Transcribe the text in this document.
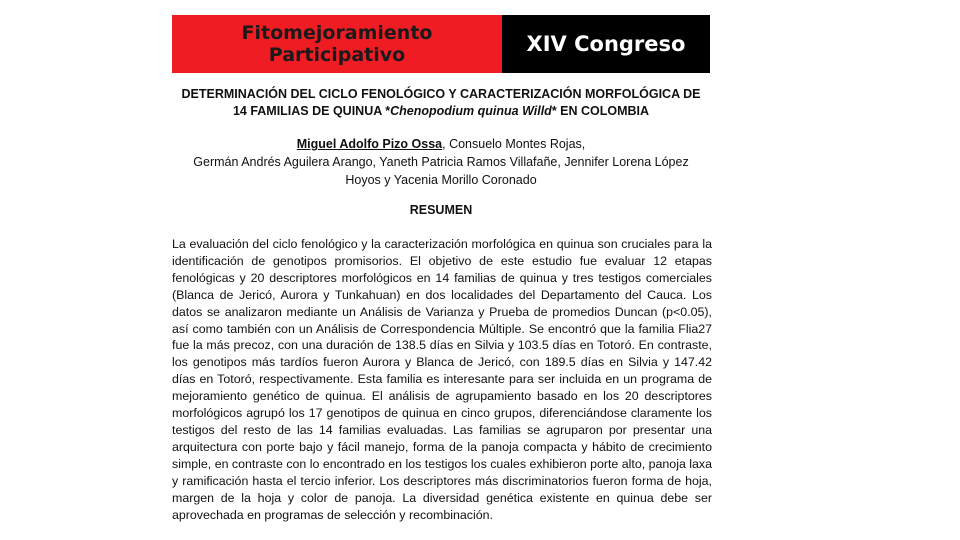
Fitomejoramiento
Participativo	XIV Congreso
DETERMINACIÓN DEL CICLO FENOLÓGICO Y CARACTERIZACIÓN MORFOLÓGICA DE
14 FAMILIAS DE QUINUA *Chenopodium quinua Willd* EN COLOMBIA
Miguel Adolfo Pizo Ossa, Consuelo Montes Rojas,
Germán Andrés Aguilera Arango, Yaneth Patricia Ramos Villafañe, Jennifer Lorena López
Hoyos y Yacenia Morillo Coronado
RESUMEN
La evaluación del ciclo fenológico y la caracterización morfológica en quinua son cruciales para la identificación de genotipos promisorios. El objetivo de este estudio fue evaluar 12 etapas fenológicas y 20 descriptores morfológicos en 14 familias de quinua y tres testigos comerciales (Blanca de Jericó, Aurora y Tunkahuan) en dos localidades del Departamento del Cauca. Los datos se analizaron mediante un Análisis de Varianza y Prueba de promedios Duncan (p<0.05), así como también con un Análisis de Correspondencia Múltiple. Se encontró que la familia Flia27 fue la más precoz, con una duración de 138.5 días en Silvia y 103.5 días en Totoró. En contraste, los genotipos más tardíos fueron Aurora y Blanca de Jericó, con 189.5 días en Silvia y 147.42 días en Totoró, respectivamente. Esta familia es interesante para ser incluida en un programa de mejoramiento genético de quinua. El análisis de agrupamiento basado en los 20 descriptores morfológicos agrupó los 17 genotipos de quinua en cinco grupos, diferenciándose claramente los testigos del resto de las 14 familias evaluadas. Las familias se agruparon por presentar una arquitectura con porte bajo y fácil manejo, forma de la panoja compacta y hábito de crecimiento simple, en contraste con lo encontrado en los testigos los cuales exhibieron porte alto, panoja laxa y ramificación hasta el tercio inferior. Los descriptores más discriminatorios fueron forma de hoja, margen de la hoja y color de panoja. La diversidad genética existente en quinua debe ser aprovechada en programas de selección y recombinación.
